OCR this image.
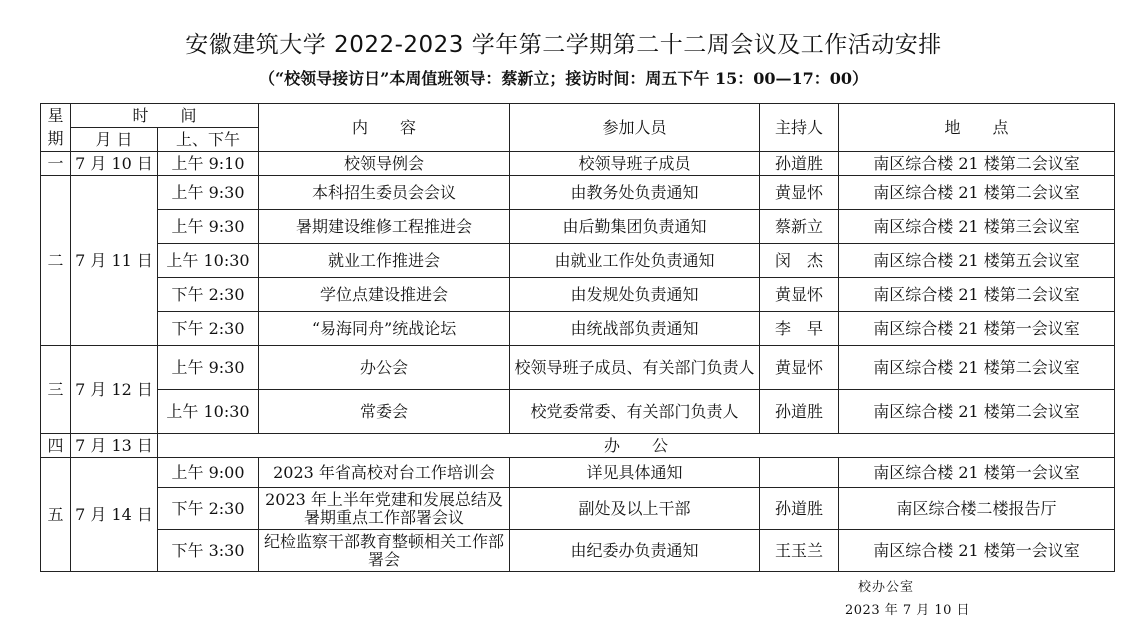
安徽建筑大学 2022-2023 学年第二学期第二十二周会议及工作活动安排
（“校领导接访日”本周值班领导：蔡新立；接访时间：周五下午 15：00—17：00）
星	时　　间		内　　容	参加人员	主持人	地　　点
期	月 日	上、下午				
一	7 月 10 日	上午 9:10	校领导例会	校领导班子成员	孙道胜	南区综合楼 21 楼第二会议室
二	7 月 11 日	上午 9:30	本科招生委员会会议	由教务处负责通知	黄显怀	南区综合楼 21 楼第二会议室
		上午 9:30	暑期建设维修工程推进会	由后勤集团负责通知	蔡新立	南区综合楼 21 楼第三会议室
		上午 10:30	就业工作推进会	由就业工作处负责通知	闵　杰	南区综合楼 21 楼第五会议室
		下午 2:30	学位点建设推进会	由发规处负责通知	黄显怀	南区综合楼 21 楼第二会议室
		下午 2:30	“易海同舟”统战论坛	由统战部负责通知	李　早	南区综合楼 21 楼第一会议室
三	7 月 12 日	上午 9:30	办公会	校领导班子成员、有关部门负责人	黄显怀	南区综合楼 21 楼第二会议室
		上午 10:30	常委会	校党委常委、有关部门负责人	孙道胜	南区综合楼 21 楼第二会议室
四	7 月 13 日	办　　公				
五	7 月 14 日	上午 9:00	2023 年省高校对台工作培训会	详见具体通知		南区综合楼 21 楼第一会议室
		下午 2:30	2023 年上半年党建和发展总结及暑期重点工作部署会议	副处及以上干部	孙道胜	南区综合楼二楼报告厅
		下午 3:30	纪检监察干部教育整顿相关工作部署会	由纪委办负责通知	王玉兰	南区综合楼 21 楼第一会议室
校办公室
2023 年 7 月 10 日
